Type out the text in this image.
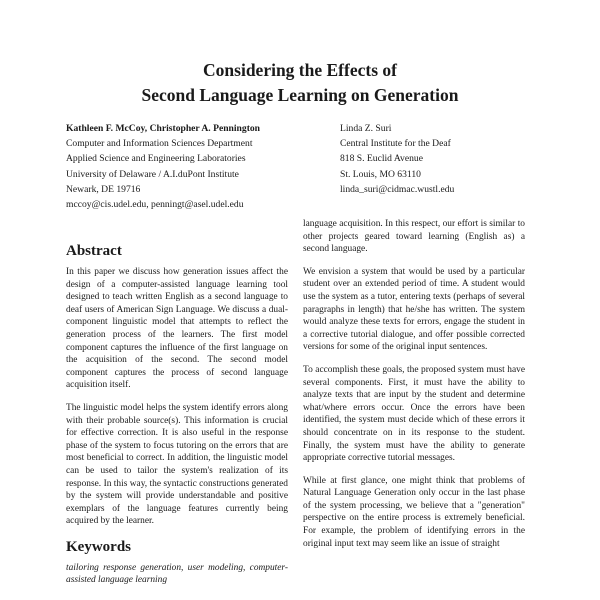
Considering the Effects of
Second Language Learning on Generation
Kathleen F. McCoy, Christopher A. Pennington
Computer and Information Sciences Department
Applied Science and Engineering Laboratories
University of Delaware / A.I.duPont Institute
Newark, DE 19716
mccoy@cis.udel.edu, penningt@asel.udel.edu
Linda Z. Suri
Central Institute for the Deaf
818 S. Euclid Avenue
St. Louis, MO 63110
linda_suri@cidmac.wustl.edu
Abstract
In this paper we discuss how generation issues affect the design of a computer-assisted language learning tool designed to teach written English as a second language to deaf users of American Sign Language. We discuss a dual-component linguistic model that attempts to reflect the generation process of the learners. The first model component captures the influence of the first language on the acquisition of the second. The second model component captures the process of second language acquisition itself.
The linguistic model helps the system identify errors along with their probable source(s). This information is crucial for effective correction. It is also useful in the response phase of the system to focus tutoring on the errors that are most beneficial to correct. In addition, the linguistic model can be used to tailor the system's realization of its response. In this way, the syntactic constructions generated by the system will provide understandable and positive exemplars of the language features currently being acquired by the learner.
Keywords
tailoring response generation, user modeling, computer-assisted language learning
language acquisition. In this respect, our effort is similar to other projects geared toward learning (English as) a second language.
We envision a system that would be used by a particular student over an extended period of time. A student would use the system as a tutor, entering texts (perhaps of several paragraphs in length) that he/she has written. The system would analyze these texts for errors, engage the student in a corrective tutorial dialogue, and offer possible corrected versions for some of the original input sentences.
To accomplish these goals, the proposed system must have several components. First, it must have the ability to analyze texts that are input by the student and determine what/where errors occur. Once the errors have been identified, the system must decide which of these errors it should concentrate on in its response to the student. Finally, the system must have the ability to generate appropriate corrective tutorial messages.
While at first glance, one might think that problems of Natural Language Generation only occur in the last phase of the system processing, we believe that a "generation" perspective on the entire process is extremely beneficial. For example, the problem of identifying errors in the original input text may seem like an issue of straight
